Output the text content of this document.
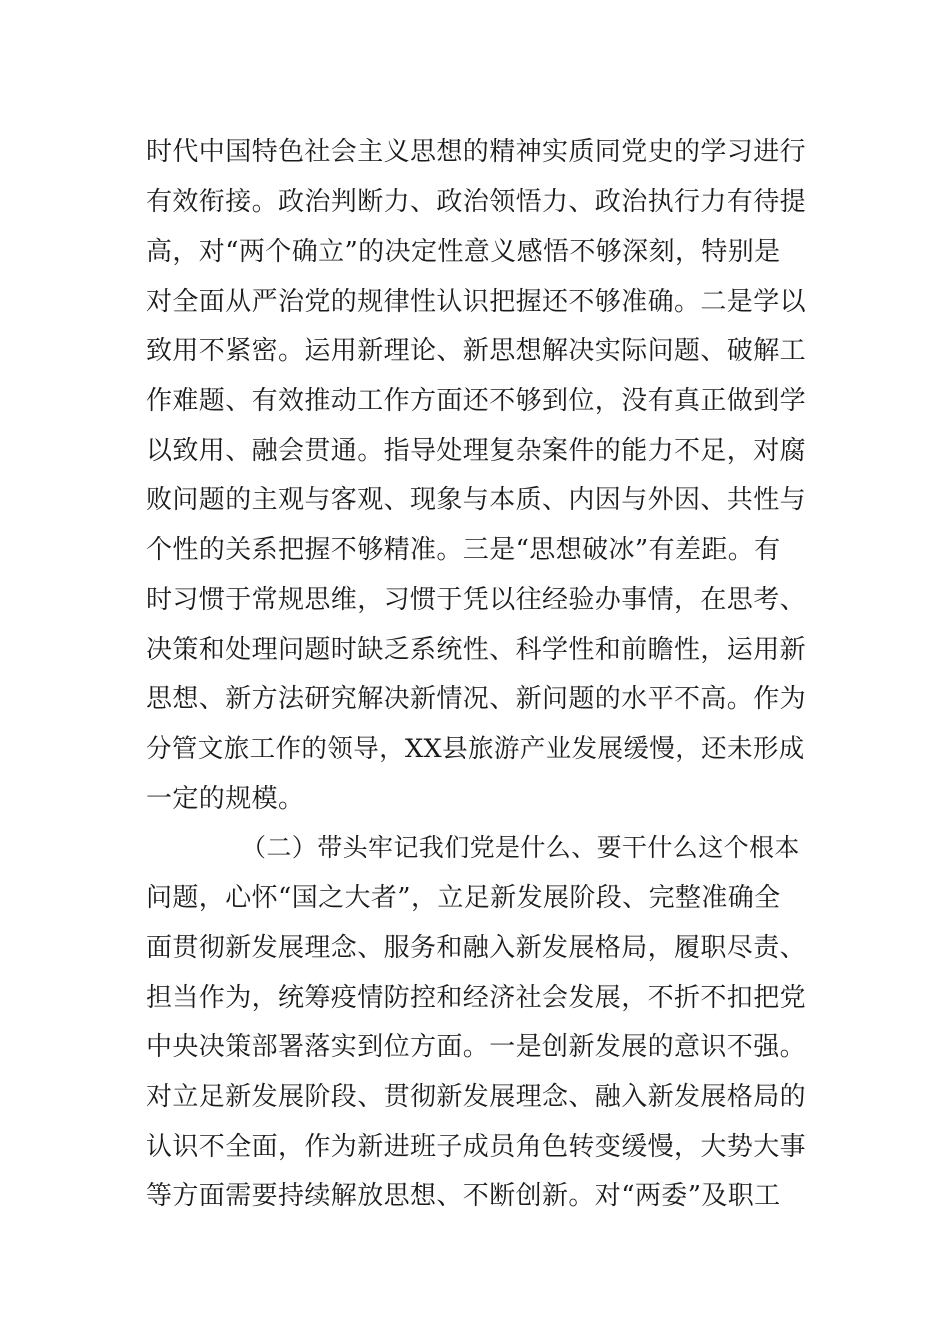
时代中国特色社会主义思想的精神实质同党史的学习进行
有效衔接。政治判断力、政治领悟力、政治执行力有待提
高，对“两个确立”的决定性意义感悟不够深刻，特别是
对全面从严治党的规律性认识把握还不够准确。二是学以
致用不紧密。运用新理论、新思想解决实际问题、破解工
作难题、有效推动工作方面还不够到位，没有真正做到学
以致用、融会贯通。指导处理复杂案件的能力不足，对腐
败问题的主观与客观、现象与本质、内因与外因、共性与
个性的关系把握不够精准。三是“思想破冰”有差距。有
时习惯于常规思维，习惯于凭以往经验办事情，在思考、
决策和处理问题时缺乏系统性、科学性和前瞻性，运用新
思想、新方法研究解决新情况、新问题的水平不高。作为
分管文旅工作的领导，XX县旅游产业发展缓慢，还未形成
一定的规模。
（二）带头牢记我们党是什么、要干什么这个根本
问题，心怀“国之大者”，立足新发展阶段、完整准确全
面贯彻新发展理念、服务和融入新发展格局，履职尽责、
担当作为，统筹疫情防控和经济社会发展，不折不扣把党
中央决策部署落实到位方面。一是创新发展的意识不强。
对立足新发展阶段、贯彻新发展理念、融入新发展格局的
认识不全面，作为新进班子成员角色转变缓慢，大势大事
等方面需要持续解放思想、不断创新。对“两委”及职工
